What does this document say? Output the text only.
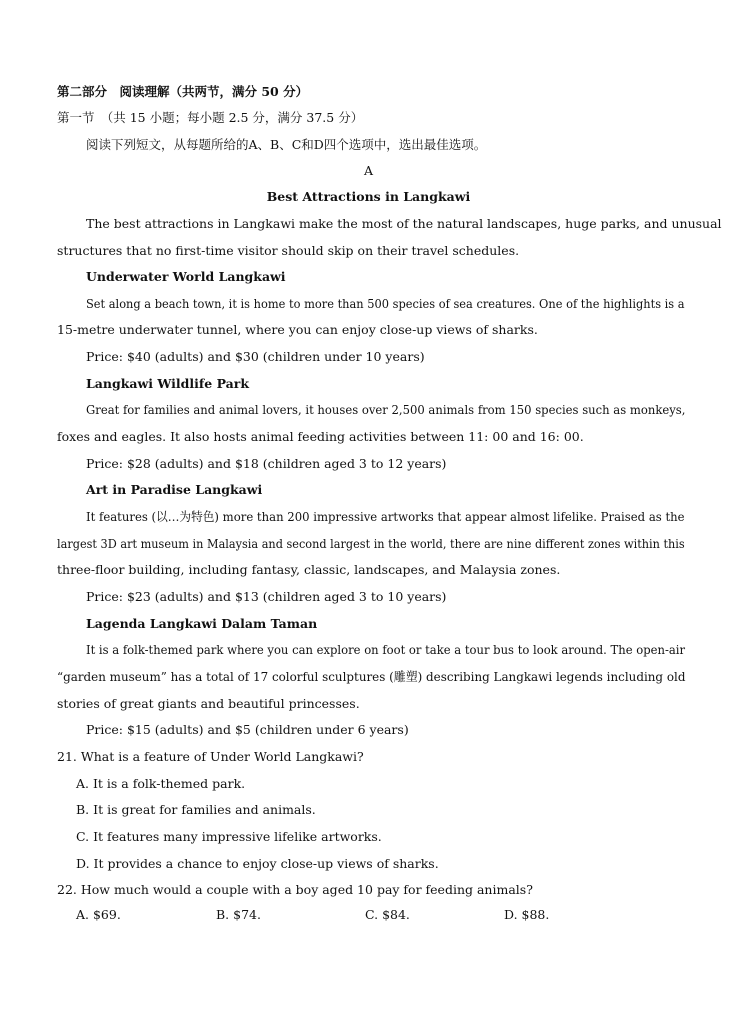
第二部分　阅读理解（共两节，满分 50 分）
第一节　（共 15 小题；每小题 2.5 分，满分 37.5 分）
阅读下列短文，从每题所给的A、B、C和D四个选项中，选出最佳选项。
A
Best Attractions in Langkawi
The best attractions in Langkawi make the most of the natural landscapes, huge parks, and unusual
structures that no first-time visitor should skip on their travel schedules.
Underwater World Langkawi
Set along a beach town, it is home to more than 500 species of sea creatures. One of the highlights is a
15-metre underwater tunnel, where you can enjoy close-up views of sharks.
Price: $40 (adults) and $30 (children under 10 years)
Langkawi Wildlife Park
Great for families and animal lovers, it houses over 2,500 animals from 150 species such as monkeys,
foxes and eagles. It also hosts animal feeding activities between 11: 00 and 16: 00.
Price: $28 (adults) and $18 (children aged 3 to 12 years)
Art in Paradise Langkawi
It features (以…为特色) more than 200 impressive artworks that appear almost lifelike. Praised as the
largest 3D art museum in Malaysia and second largest in the world, there are nine different zones within this
three-floor building, including fantasy, classic, landscapes, and Malaysia zones.
Price: $23 (adults) and $13 (children aged 3 to 10 years)
Lagenda Langkawi Dalam Taman
It is a folk-themed park where you can explore on foot or take a tour bus to look around. The open-air
“garden museum” has a total of 17 colorful sculptures (雕塑) describing Langkawi legends including old
stories of great giants and beautiful princesses.
Price: $15 (adults) and $5 (children under 6 years)
21. What is a feature of Under World Langkawi?
A. It is a folk-themed park.
B. It is great for families and animals.
C. It features many impressive lifelike artworks.
D. It provides a chance to enjoy close-up views of sharks.
22. How much would a couple with a boy aged 10 pay for feeding animals?
A. $69.	B. $74.	C. $84.	D. $88.
